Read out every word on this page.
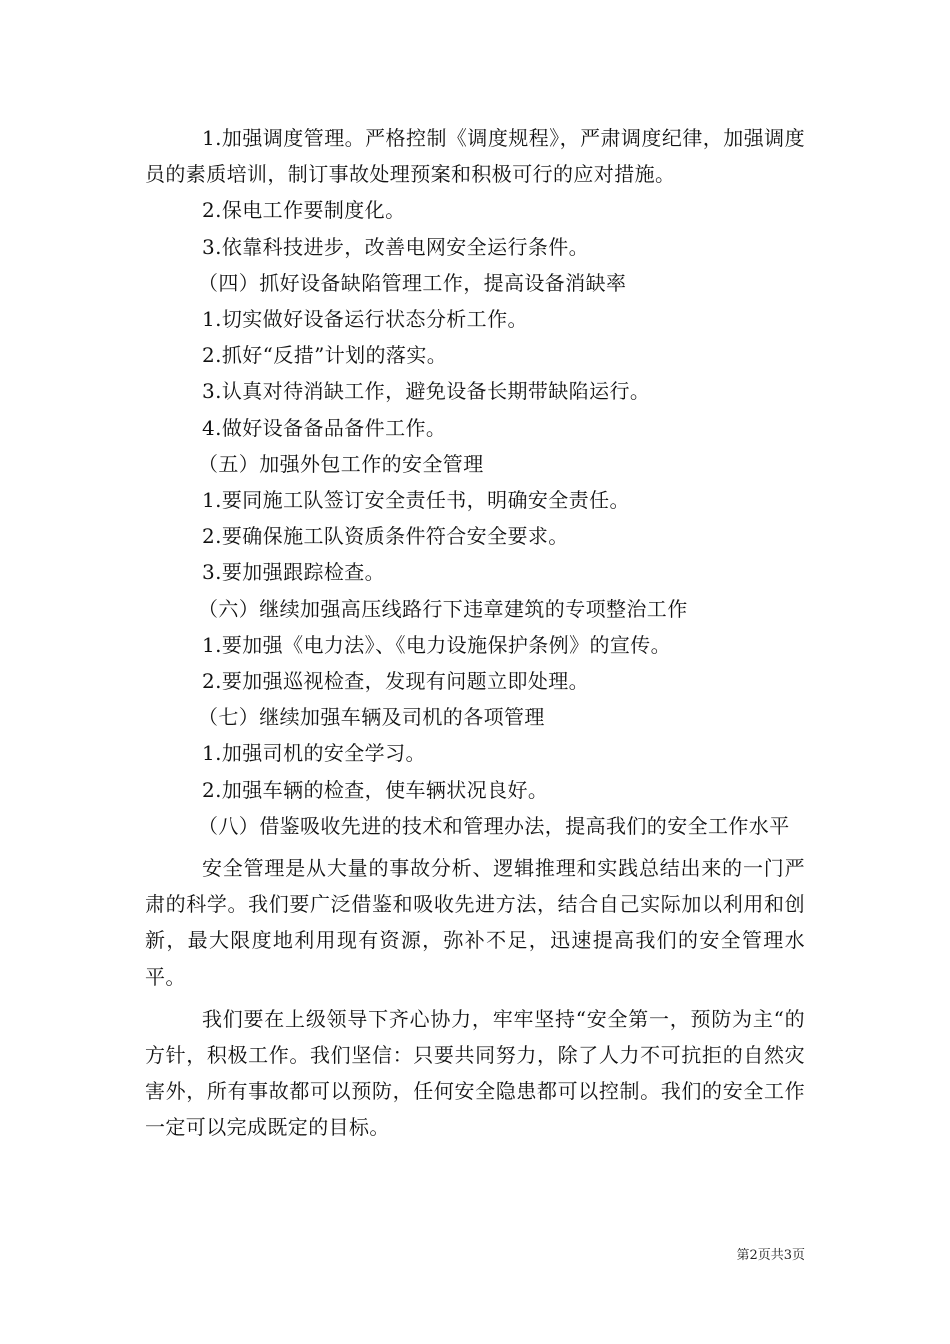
1.加强调度管理。严格控制《调度规程》，严肃调度纪律，加强调度员的素质培训，制订事故处理预案和积极可行的应对措施。

2.保电工作要制度化。

3.依靠科技进步，改善电网安全运行条件。

（四）抓好设备缺陷管理工作，提高设备消缺率

1.切实做好设备运行状态分析工作。

2.抓好“反措”计划的落实。

3.认真对待消缺工作，避免设备长期带缺陷运行。

4.做好设备备品备件工作。

（五）加强外包工作的安全管理

1.要同施工队签订安全责任书，明确安全责任。

2.要确保施工队资质条件符合安全要求。

3.要加强跟踪检查。

（六）继续加强高压线路行下违章建筑的专项整治工作

1.要加强《电力法》、《电力设施保护条例》的宣传。

2.要加强巡视检查，发现有问题立即处理。

（七）继续加强车辆及司机的各项管理

1.加强司机的安全学习。

2.加强车辆的检查，使车辆状况良好。

（八）借鉴吸收先进的技术和管理办法，提高我们的安全工作水平

安全管理是从大量的事故分析、逻辑推理和实践总结出来的一门严肃的科学。我们要广泛借鉴和吸收先进方法，结合自己实际加以利用和创新，最大限度地利用现有资源，弥补不足，迅速提高我们的安全管理水平。

我们要在上级领导下齐心协力，牢牢坚持“安全第一，预防为主“的方针，积极工作。我们坚信：只要共同努力，除了人力不可抗拒的自然灾害外，所有事故都可以预防，任何安全隐患都可以控制。我们的安全工作一定可以完成既定的目标。

第2页共3页
